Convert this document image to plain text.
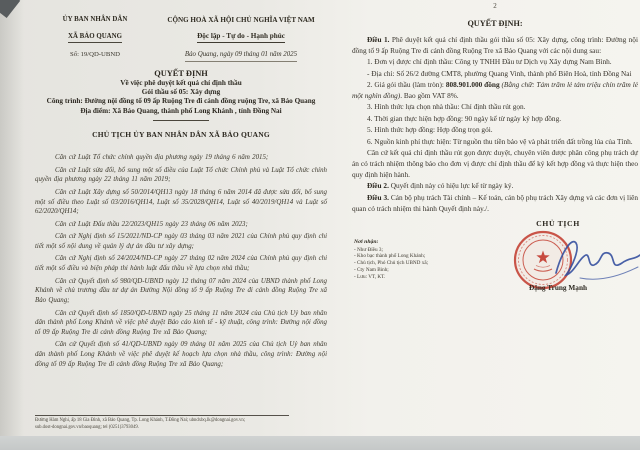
ỦY BAN NHÂN DÂN
XÃ BẢO QUANG
Số: 19/QD-UBND
CỘNG HOÀ XÃ HỘI CHỦ NGHĨA VIỆT NAM
Độc lập - Tự do - Hạnh phúc
Bảo Quang, ngày 09 tháng 01 năm 2025
QUYẾT ĐỊNH
Về việc phê duyệt kết quả chỉ định thầu
Gói thầu số 05: Xây dựng
Công trình: Đường nội đồng tổ 09 ấp Ruộng Tre đi cánh đồng ruộng Tre, xã Bảo Quang
Địa điểm: Xã Bảo Quang, thành phố Long Khánh , tỉnh Đồng Nai
CHỦ TỊCH ỦY BAN NHÂN DÂN XÃ BẢO QUANG

Căn cứ Luật Tổ chức chính quyền địa phương ngày 19 tháng 6 năm 2015;

Căn cứ Luật sửa đổi, bổ sung một số điều của Luật Tổ chức Chính phủ và Luật Tổ chức chính quyền địa phương ngày 22 tháng 11 năm 2019;

Căn cứ Luật Xây dựng số 50/2014/QH13 ngày 18 tháng 6 năm 2014 đã được sửa đổi, bổ sung một số điều theo Luật số 03/2016/QH14, Luật số 35/2028/QH14, Luật số 40/2019/QH14 và Luật số 62/2020/QH14;

Căn cứ Luật Đấu thầu 22/2023/QH15 ngày 23 tháng 06 năm 2023;

Căn cứ Nghị định số 15/2021/ND-CP ngày 03 tháng 03 năm 2021 của Chính phủ quy định chi tiết một số nội dung về quản lý dự án đầu tư xây dựng;

Căn cứ Nghị định số 24/2024/ND-CP ngày 27 tháng 02 năm 2024 của Chính phủ quy định chi tiết một số điều và biện pháp thi hành luật đấu thầu về lựa chọn nhà thầu;

Căn cứ Quyết định số 980/QD-UBND ngày 12 tháng 07 năm 2024 của UBND thành phố Long Khánh về chủ trương đầu tư dự án Đường Nội đồng tổ 9 ấp Ruộng Tre đi cánh đồng Ruộng Tre xã Bảo Quang;

Căn cứ Quyết định số 1850/QD-UBND ngày 25 tháng 11 năm 2024 của Chủ tịch Uỷ ban nhân dân thành phố Long Khánh về việc phê duyệt Báo cáo kinh tế - kỹ thuật, công trình: Đường nội đồng tổ 09 ấp Ruộng Tre đi cánh đồng Ruộng Tre xã Bảo Quang;

Căn cứ Quyết định số 41/QD-UBND ngày 09 tháng 01 năm 2025 của Chủ tịch Uỷ ban nhân dân thành phố Long Khánh về việc phê duyệt kế hoạch lựa chọn nhà thầu, công trình: Đường nội đồng tổ 09 ấp Ruộng Tre đi cánh đồng Ruộng Tre xã Bảo Quang;

Đường Hàm Nghi, ấp 18 Gia Đình, xã Bảo Quang, Tp. Long Khánh, T.Đồng Nai; ubndxbq.lk@dongnai.gov.vn;
sub.dost-dongnai.gov.vn/baoquang; tel (0251)3793049.
2
QUYẾT ĐỊNH:

Điều 1. Phê duyệt kết quả chỉ định thầu gói thầu số 05: Xây dựng, công trình: Đường nội đồng tổ 9 ấp Ruộng Tre đi cánh đồng Ruộng Tre xã Bảo Quang với các nội dung sau:

1. Đơn vị được chỉ định thầu: Công ty TNHH Đầu tư Dịch vụ Xây dựng Nam Bình.

- Địa chỉ: Số 26/2 đường CMT8, phường Quang Vinh, thành phố Biên Hoà, tỉnh Đồng Nai

2. Giá gói thầu (làm tròn): 808.901.000 đồng (Bằng chữ: Tám trăm lẻ tám triệu chín trăm lẻ một nghìn đồng). Bao gồm VAT 8%.

3. Hình thức lựa chọn nhà thầu: Chỉ định thầu rút gọn.

4. Thời gian thực hiện hợp đồng: 90 ngày kể từ ngày ký hợp đồng.

5. Hình thức hợp đồng: Hợp đồng trọn gói.

6. Nguồn kinh phí thực hiện: Từ nguồn thu tiền bảo vệ và phát triển đất trồng lúa của Tỉnh.

Căn cứ kết quả chỉ định thầu rút gọn được duyệt, chuyên viên được phân công phụ trách dự án có trách nhiệm thông báo cho đơn vị được chỉ định thầu để ký kết hợp đồng và thực hiện theo quy định hiện hành.

Điều 2. Quyết định này có hiệu lực kể từ ngày ký.

Điều 3. Cán bộ phụ trách Tài chính – Kế toán, cán bộ phụ trách Xây dựng và các đơn vị liên quan có trách nhiệm thi hành Quyết định này./.

Nơi nhận:
- Như Điều 3;
- Kho bạc thành phố Long Khánh;
- Chủ tịch, Phó Chủ tịch UBND xã;
- Cty Nam Bình;
- Lưu: VT, KT.
CHỦ TỊCH
Đặng Trung Mạnh
